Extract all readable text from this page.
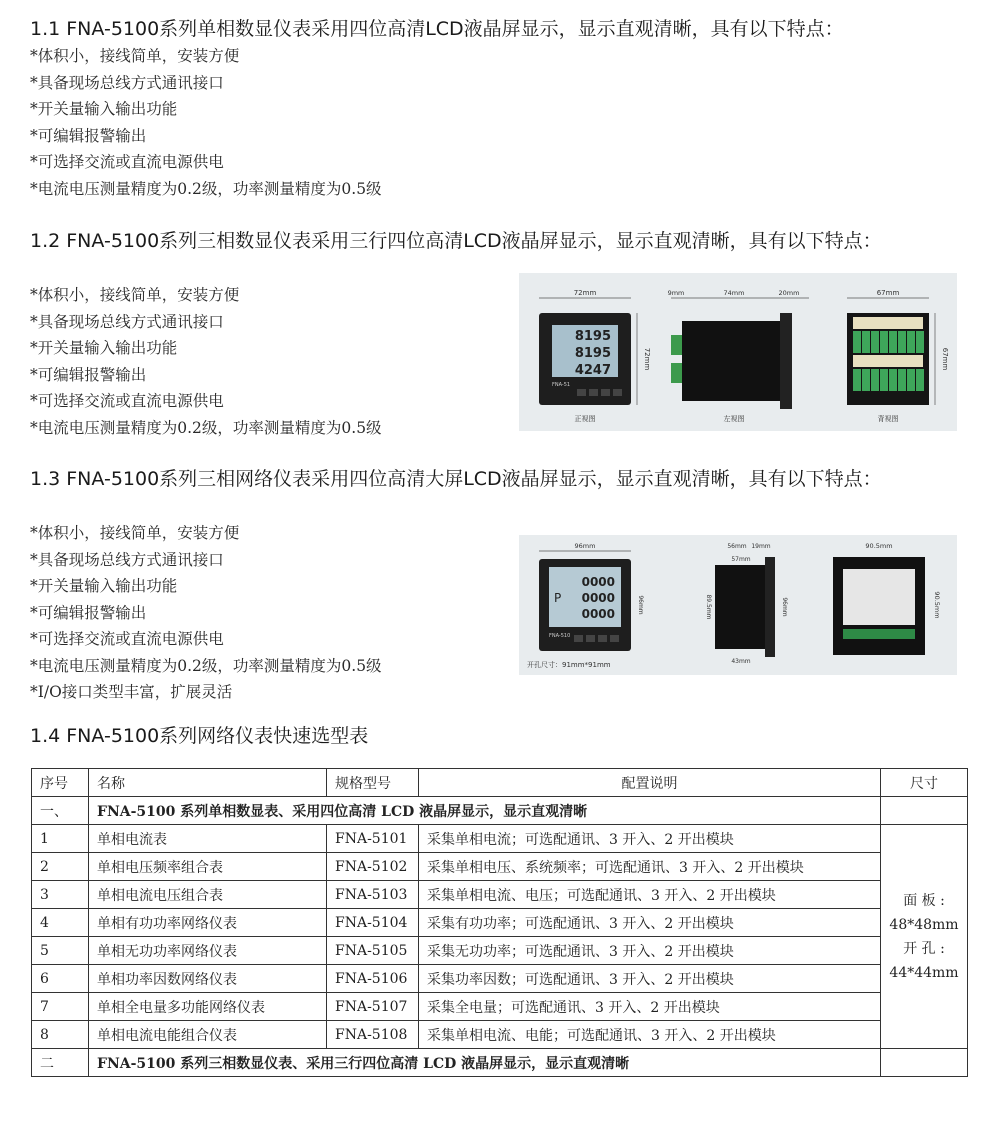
1.1 FNA-5100系列单相数显仪表采用四位高清LCD液晶屏显示，显示直观清晰，具有以下特点：
*体积小，接线简单，安装方便
*具备现场总线方式通讯接口
*开关量输入输出功能
*可编辑报警输出
*可选择交流或直流电源供电
*电流电压测量精度为0.2级，功率测量精度为0.5级
1.2 FNA-5100系列三相数显仪表采用三行四位高清LCD液晶屏显示，显示直观清晰，具有以下特点：
*体积小，接线简单，安装方便
*具备现场总线方式通讯接口
*开关量输入输出功能
*可编辑报警输出
*可选择交流或直流电源供电
*电流电压测量精度为0.2级，功率测量精度为0.5级
72mm
8195
8195
4247
FNA-51
72mm
正视图
9mm	74mm	20mm
左视图
67mm
67mm
背视图
1.3 FNA-5100系列三相网络仪表采用四位高清大屏LCD液晶屏显示，显示直观清晰，具有以下特点：
*体积小，接线简单，安装方便
*具备现场总线方式通讯接口
*开关量输入输出功能
*可编辑报警输出
*可选择交流或直流电源供电
*电流电压测量精度为0.2级，功率测量精度为0.5级
*I/O接口类型丰富，扩展灵活
96mm
0000
P 0000
0000
FNA-510
96mm
开孔尺寸：91mm*91mm
56mm 19mm
57mm
89.5mm	96mm
43mm
90.5mm
90.5mm
1.4 FNA-5100系列网络仪表快速选型表
序号	名称	规格型号	配置说明	尺寸
一、	FNA-5100 系列单相数显表、采用四位高清 LCD 液晶屏显示，显示直观清晰			
1	单相电流表	FNA-5101	采集单相电流；可选配通讯、3 开入、2 开出模块	面 板 :
48*48mm
开 孔 :
44*44mm

2	单相电压频率组合表	FNA-5102	采集单相电压、系统频率；可选配通讯、3 开入、2 开出模块	
3	单相电流电压组合表	FNA-5103	采集单相电流、电压；可选配通讯、3 开入、2 开出模块	
4	单相有功功率网络仪表	FNA-5104	采集有功功率；可选配通讯、3 开入、2 开出模块	
5	单相无功功率网络仪表	FNA-5105	采集无功功率；可选配通讯、3 开入、2 开出模块	
6	单相功率因数网络仪表	FNA-5106	采集功率因数；可选配通讯、3 开入、2 开出模块	
7	单相全电量多功能网络仪表	FNA-5107	采集全电量；可选配通讯、3 开入、2 开出模块	
8	单相电流电能组合仪表	FNA-5108	采集单相电流、电能；可选配通讯、3 开入、2 开出模块	
二	FNA-5100 系列三相数显仪表、采用三行四位高清 LCD 液晶屏显示，显示直观清晰			
